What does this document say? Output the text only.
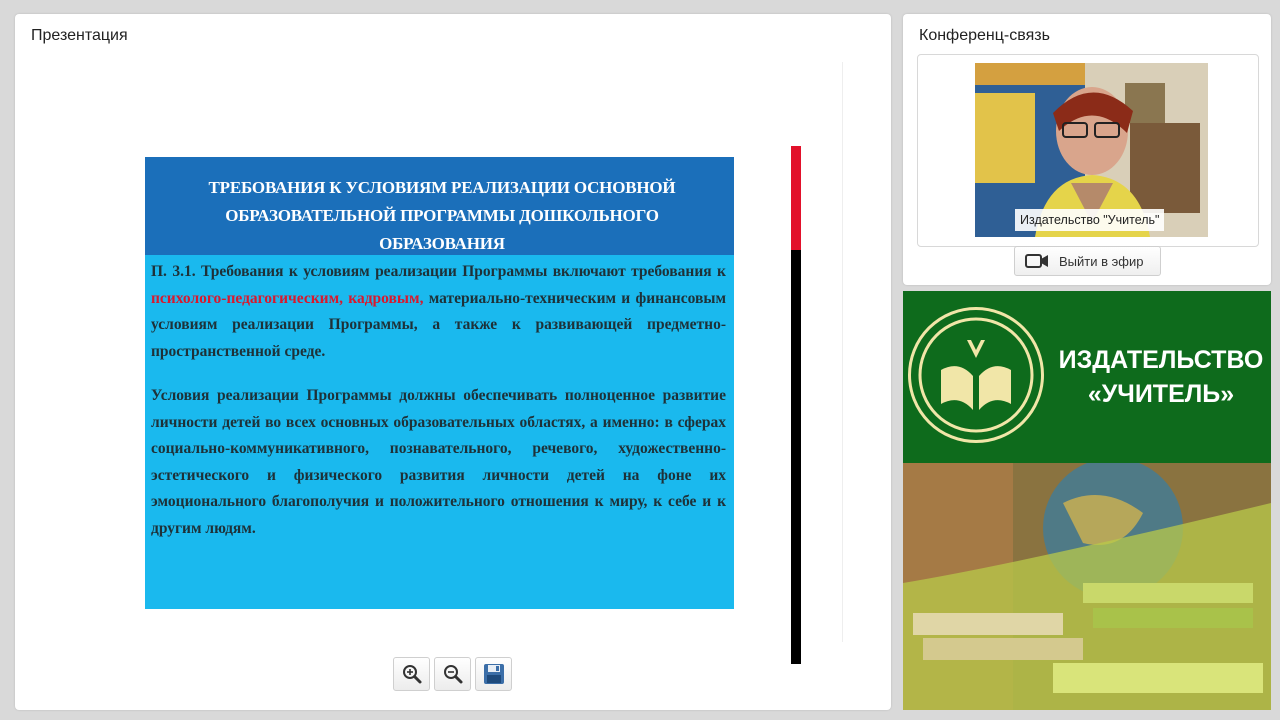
Презентация
ТРЕБОВАНИЯ К УСЛОВИЯМ РЕАЛИЗАЦИИ ОСНОВНОЙ ОБРАЗОВАТЕЛЬНОЙ ПРОГРАММЫ ДОШКОЛЬНОГО ОБРАЗОВАНИЯ

П. 3.1. Требования к условиям реализации Программы включают требования к психолого-педагогическим, кадровым, материально-техническим и финансовым условиям реализации Программы, а также к развивающей предметно-пространственной среде.

Условия реализации Программы должны обеспечивать полноценное развитие личности детей во всех основных образовательных областях, а именно: в сферах социально-коммуникативного, познавательного, речевого, художественно-эстетического и физического развития личности детей на фоне их эмоционального благополучия и положительного отношения к миру, к себе и к другим людям.

Конференц-связь
Издательство "Учитель"
Выйти в эфир
ИЗДАТЕЛЬСТВО
«УЧИТЕЛЬ»
